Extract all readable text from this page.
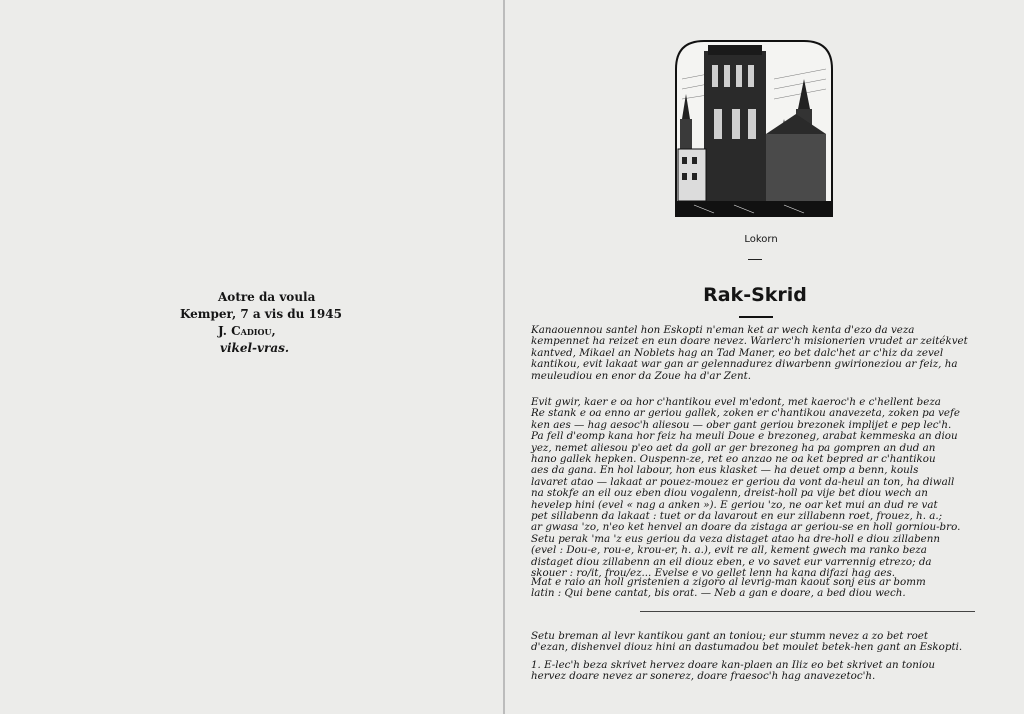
Aotre da voula
Kemper, 7 a vis du 1945
J. Cadiou,
vikel-vras.
Lokorn
Rak-Skrid

Kanaouennou santel hon Eskopti n'eman ket ar wech kenta d'ezo da veza

kempennet ha reizet en eun doare nevez. Warlerc'h misionerien vrudet ar zeitékvet

kantved, Mikael an Noblets hag an Tad Maner, eo bet dalc'het ar c'hiz da zevel

kantikou, evit lakaat war gan ar gelennadurez diwarbenn gwirioneziou ar feiz, ha

meuleudiou en enor da Zoue ha d'ar Zent.

Evit gwir, kaer e oa hor c'hantikou evel m'edont, met kaeroc'h e c'hellent beza

Re stank e oa enno ar geriou gallek, zoken er c'hantikou anavezeta, zoken pa vefe

ken aes — hag aesoc'h aliesou — ober gant geriou brezonek implijet e pep lec'h.

Pa fell d'eomp kana hor feiz ha meuli Doue e brezoneg, arabat kemmeska an diou

yez, nemet aliesou p'eo aet da goll ar ger brezoneg ha pa gompren an dud an

hano gallek hepken. Ouspenn-ze, ret eo anzao ne oa ket bepred ar c'hantikou

aes da gana. En hol labour, hon eus klasket — ha deuet omp a benn, kouls

lavaret atao — lakaat ar pouez-mouez er geriou da vont da-heul an ton, ha diwall

na stokfe an eil ouz eben diou vogalenn, dreist-holl pa vije bet diou wech an

hevelep hini (evel « nag a anken »). E geriou 'zo, ne oar ket mui an dud re vat

pet sillabenn da lakaat : tuet or da lavarout en eur zillabenn roet, frouez, h. a.;

ar gwasa 'zo, n'eo ket henvel an doare da zistaga ar geriou-se en holl gorniou-bro.

Setu perak 'ma 'z eus geriou da veza distaget atao ha dre-holl e diou zillabenn

(evel : Dou-e, rou-e, krou-er, h. a.), evit re all, kement gwech ma ranko beza

distaget diou zillabenn an eil diouz eben, e vo savet eur varrennig etrezo; da

skouer : ro/it, frou/ez... Evelse e vo gellet lenn ha kana difazi hag aes.

Mat e raio an holl gristenien a zigoro al levrig-man kaout sonj eus ar bomm

latin : Qui bene cantat, bis orat. — Neb a gan e doare, a bed diou wech.

Setu breman al levr kantikou gant an toniou; eur stumm nevez a zo bet roet

d'ezan, dishenvel diouz hini an dastumadou bet moulet betek-hen gant an Eskopti.

1. E-lec'h beza skrivet hervez doare kan-plaen an Iliz eo bet skrivet an toniou

hervez doare nevez ar sonerez, doare fraesoc'h hag anavezetoc'h.
